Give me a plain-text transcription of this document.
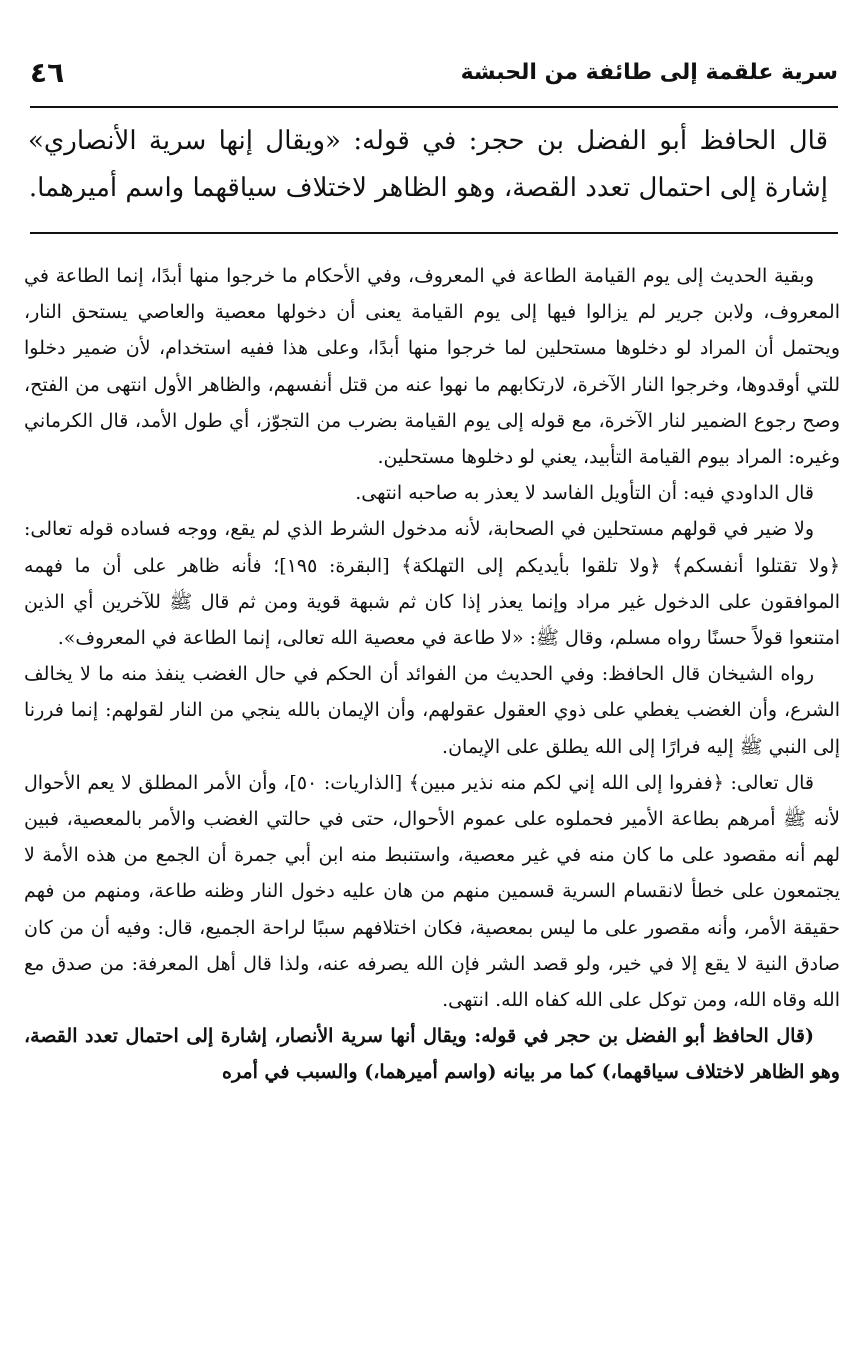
سرية علقمة إلى طائفة من الحبشة
٤٦
قال الحافظ أبو الفضل بن حجر: في قوله: «ويقال إنها سرية الأنصاري» إشارة إلى احتمال تعدد القصة، وهو الظاهر لاختلاف سياقهما واسم أميرهما.

وبقية الحديث إلى يوم القيامة الطاعة في المعروف، وفي الأحكام ما خرجوا منها أبدًا، إنما الطاعة في المعروف، ولابن جرير لم يزالوا فيها إلى يوم القيامة يعنى أن دخولها معصية والعاصي يستحق النار، ويحتمل أن المراد لو دخلوها مستحلين لما خرجوا منها أبدًا، وعلى هذا ففيه استخدام، لأن ضمير دخلوا للتي أوقدوها، وخرجوا النار الآخرة، لارتكابهم ما نهوا عنه من قتل أنفسهم، والظاهر الأول انتهى من الفتح، وصح رجوع الضمير لنار الآخرة، مع قوله إلى يوم القيامة بضرب من التجوّز، أي طول الأمد، قال الكرماني وغيره: المراد بيوم القيامة التأبيد، يعني لو دخلوها مستحلين.

قال الداودي فيه: أن التأويل الفاسد لا يعذر به صاحبه انتهى.

ولا ضير في قولهم مستحلين في الصحابة، لأنه مدخول الشرط الذي لم يقع، ووجه فساده قوله تعالى: ﴿ولا تقتلوا أنفسكم﴾ ﴿ولا تلقوا بأيديكم إلى التهلكة﴾ [البقرة: ١٩٥]؛ فأنه ظاهر على أن ما فهمه الموافقون على الدخول غير مراد وإنما يعذر إذا كان ثم شبهة قوية ومن ثم قال ﷺ للآخرين أي الذين امتنعوا قولاً حسنًا رواه مسلم، وقال ﷺ: «لا طاعة في معصية الله تعالى، إنما الطاعة في المعروف».

رواه الشيخان قال الحافظ: وفي الحديث من الفوائد أن الحكم في حال الغضب ينفذ منه ما لا يخالف الشرع، وأن الغضب يغطي على ذوي العقول عقولهم، وأن الإيمان بالله ينجي من النار لقولهم: إنما فررنا إلى النبي ﷺ إليه فرارًا إلى الله يطلق على الإيمان.

قال تعالى: ﴿ففروا إلى الله إني لكم منه نذير مبين﴾ [الذاريات: ٥٠]، وأن الأمر المطلق لا يعم الأحوال لأنه ﷺ أمرهم بطاعة الأمير فحملوه على عموم الأحوال، حتى في حالتي الغضب والأمر بالمعصية، فبين لهم أنه مقصود على ما كان منه في غير معصية، واستنبط منه ابن أبي جمرة أن الجمع من هذه الأمة لا يجتمعون على خطأ لانقسام السرية قسمين منهم من هان عليه دخول النار وظنه طاعة، ومنهم من فهم حقيقة الأمر، وأنه مقصور على ما ليس بمعصية، فكان اختلافهم سببًا لراحة الجميع، قال: وفيه أن من كان صادق النية لا يقع إلا في خير، ولو قصد الشر فإن الله يصرفه عنه، ولذا قال أهل المعرفة: من صدق مع الله وقاه الله، ومن توكل على الله كفاه الله. انتهى.

(قال الحافظ أبو الفضل بن حجر في قوله: ويقال أنها سرية الأنصار، إشارة إلى احتمال تعدد القصة، وهو الظاهر لاختلاف سياقهما،) كما مر بيانه (واسم أميرهما،) والسبب في أمره
